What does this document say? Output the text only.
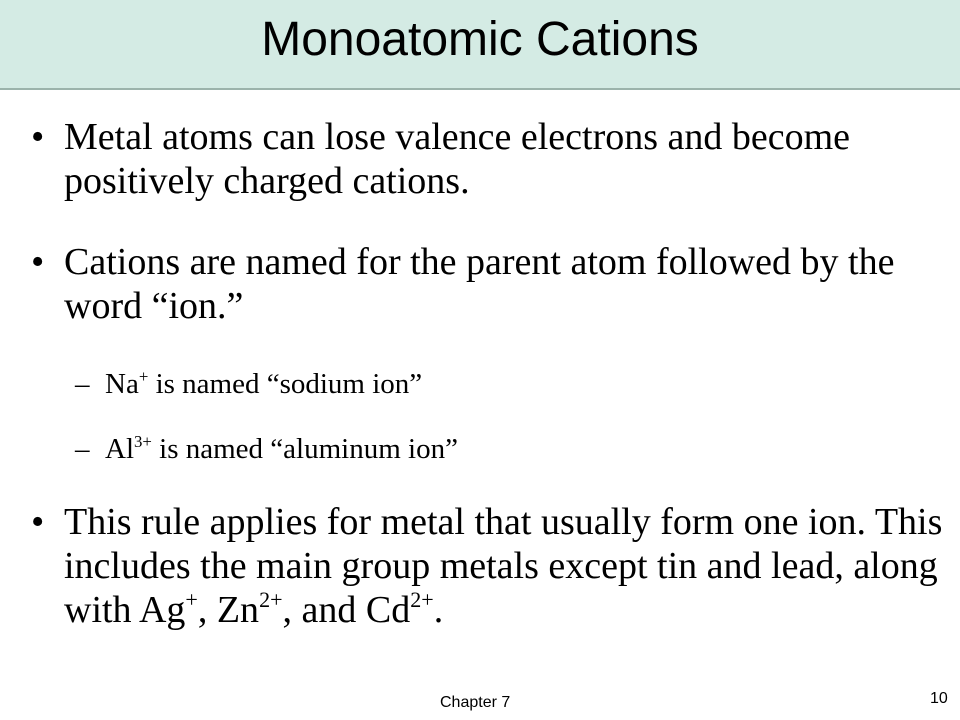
Monoatomic Cations
• Metal atoms can lose valence electrons and become positively charged cations.
• Cations are named for the parent atom followed by the word “ion.”
– Na+ is named “sodium ion”
– $Al^{3+}$ is named “aluminum ion”
• This rule applies for metal that usually form one ion. This includes the main group metals except tin and lead, along with Ag+, $Zn^{2+}$, and $Cd^{2+}$.
Chapter 7	10
